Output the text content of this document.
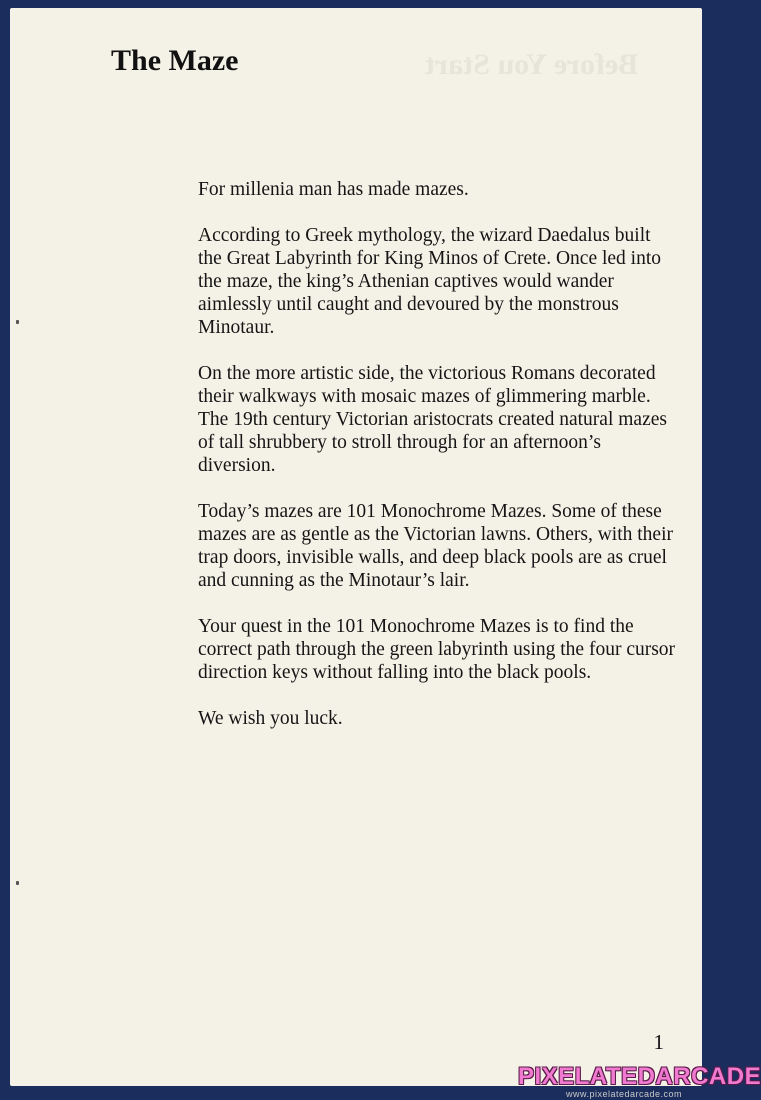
Before You Start
The Maze

For millenia man has made mazes.

According to Greek mythology, the wizard Daedalus built the Great Labyrinth for King Minos of Crete. Once led into the maze, the king’s Athenian captives would wander aimlessly until caught and devoured by the monstrous Minotaur.

On the more artistic side, the victorious Romans decorated their walkways with mosaic mazes of glimmering marble. The 19th century Victorian aristocrats created natural mazes of tall shrubbery to stroll through for an afternoon’s diversion.

Today’s mazes are 101 Monochrome Mazes. Some of these mazes are as gentle as the Victorian lawns. Others, with their trap doors, invisible walls, and deep black pools are as cruel and cunning as the Minotaur’s lair.

Your quest in the 101 Monochrome Mazes is to find the correct path through the green labyrinth using the four cursor direction keys without falling into the black pools.

We wish you luck.

1
PIXELATEDARCADE
www.pixelatedarcade.com
